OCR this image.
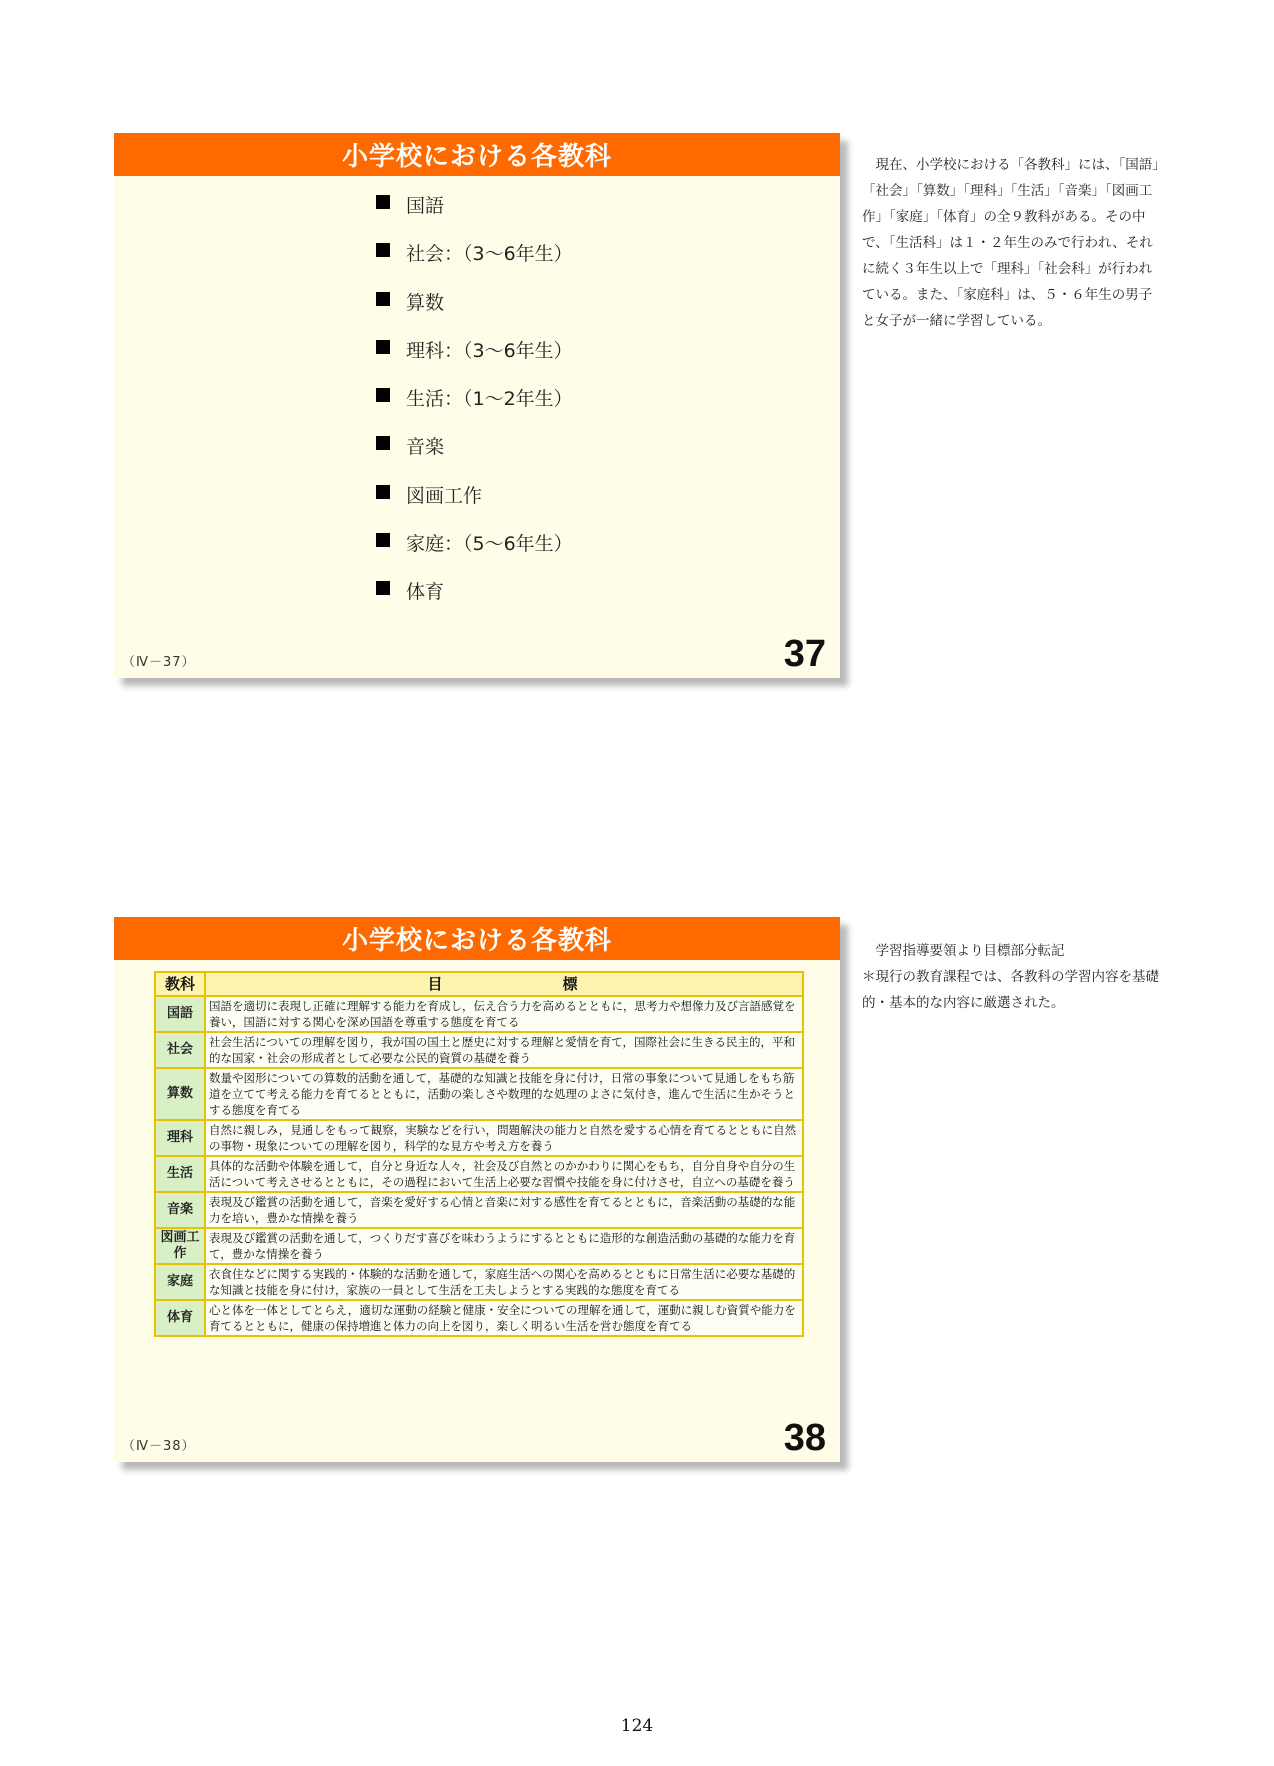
小学校における各教科
国語
社会：（3～6年生）
算数
理科：（3～6年生）
生活：（1～2年生）
音楽
図画工作
家庭：（5～6年生）
体育
（Ⅳ－37）	37

現在、小学校における「各教科」には、「国語」「社会」「算数」「理科」「生活」「音楽」「図画工作」「家庭」「体育」の全９教科がある。その中で、「生活科」は１・２年生のみで行われ、それに続く３年生以上で「理科」「社会科」が行われている。また、「家庭科」は、５・６年生の男子と女子が一緒に学習している。

小学校における各教科
教科	目標
国語	国語を適切に表現し正確に理解する能力を育成し，伝え合う力を高めるとともに，思考力や想像力及び言語感覚を養い，国語に対する関心を深め国語を尊重する態度を育てる
社会	社会生活についての理解を図り，我が国の国土と歴史に対する理解と愛情を育て，国際社会に生きる民主的，平和的な国家・社会の形成者として必要な公民的資質の基礎を養う
算数	数量や図形についての算数的活動を通して，基礎的な知識と技能を身に付け，日常の事象について見通しをもち筋道を立てて考える能力を育てるとともに，活動の楽しさや数理的な処理のよさに気付き，進んで生活に生かそうとする態度を育てる
理科	自然に親しみ，見通しをもって観察，実験などを行い，問題解決の能力と自然を愛する心情を育てるとともに自然の事物・現象についての理解を図り，科学的な見方や考え方を養う
生活	具体的な活動や体験を通して，自分と身近な人々，社会及び自然とのかかわりに関心をもち，自分自身や自分の生活について考えさせるとともに，その過程において生活上必要な習慣や技能を身に付けさせ，自立への基礎を養う
音楽	表現及び鑑賞の活動を通して，音楽を愛好する心情と音楽に対する感性を育てるとともに，音楽活動の基礎的な能力を培い，豊かな情操を養う
図画工作	表現及び鑑賞の活動を通して，つくりだす喜びを味わうようにするとともに造形的な創造活動の基礎的な能力を育て，豊かな情操を養う
家庭	衣食住などに関する実践的・体験的な活動を通して，家庭生活への関心を高めるとともに日常生活に必要な基礎的な知識と技能を身に付け，家族の一員として生活を工夫しようとする実践的な態度を育てる
体育	心と体を一体としてとらえ，適切な運動の経験と健康・安全についての理解を通して，運動に親しむ資質や能力を育てるとともに，健康の保持増進と体力の向上を図り，楽しく明るい生活を営む態度を育てる
（Ⅳ－38）	38

学習指導要領より目標部分転記

＊現行の教育課程では、各教科の学習内容を基礎的・基本的な内容に厳選された。

124
